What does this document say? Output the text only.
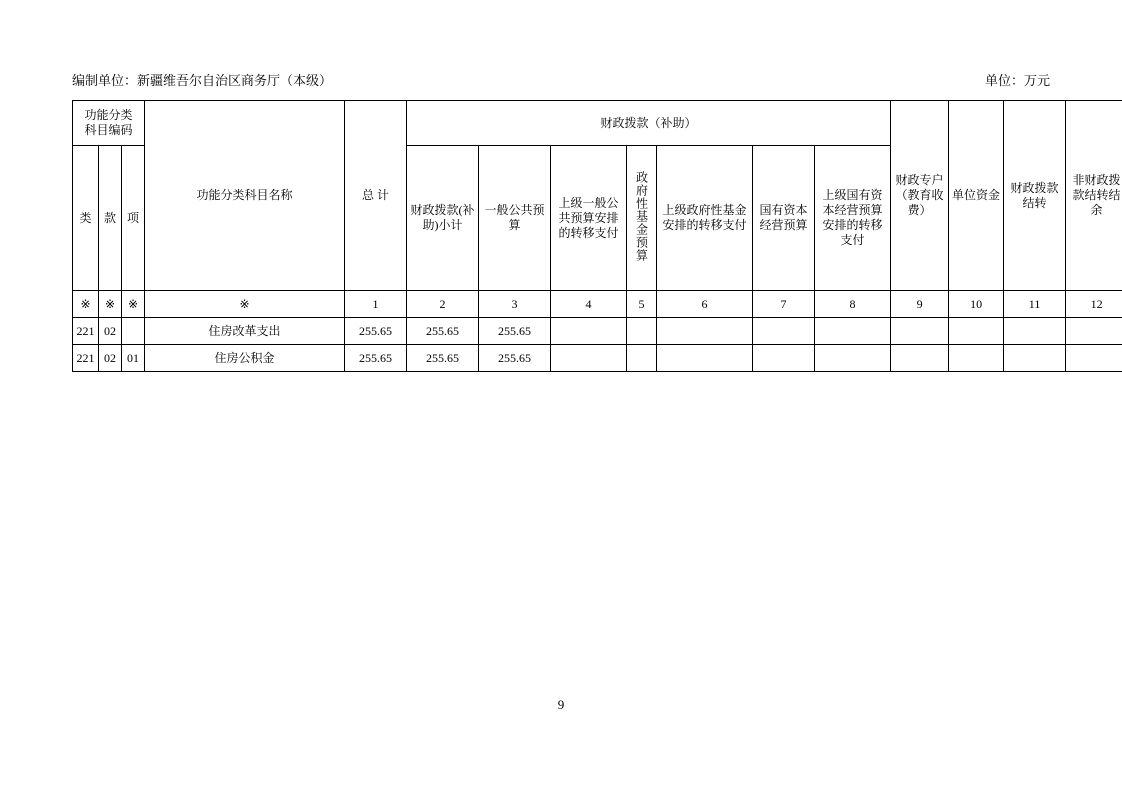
编制单位：新疆维吾尔自治区商务厅（本级）	单位：万元
功能分类
科目编码			功能分类科目名称	总 计	财政拨款（补助）							财政专户（教育收费）	单位资金	财政拨款结转	非财政拨款结转结余
类	款	项			财政拨款(补助)小计	一般公共预算	上级一般公共预算安排的转移支付	政府性基金预算	上级政府性基金安排的转移支付	国有资本经营预算	上级国有资本经营预算安排的转移支付				
※	※	※	※	1	2	3	4	5	6	7	8	9	10	11	12
221	02		住房改革支出	255.65	255.65	255.65									
221	02	01	住房公积金	255.65	255.65	255.65									
9
